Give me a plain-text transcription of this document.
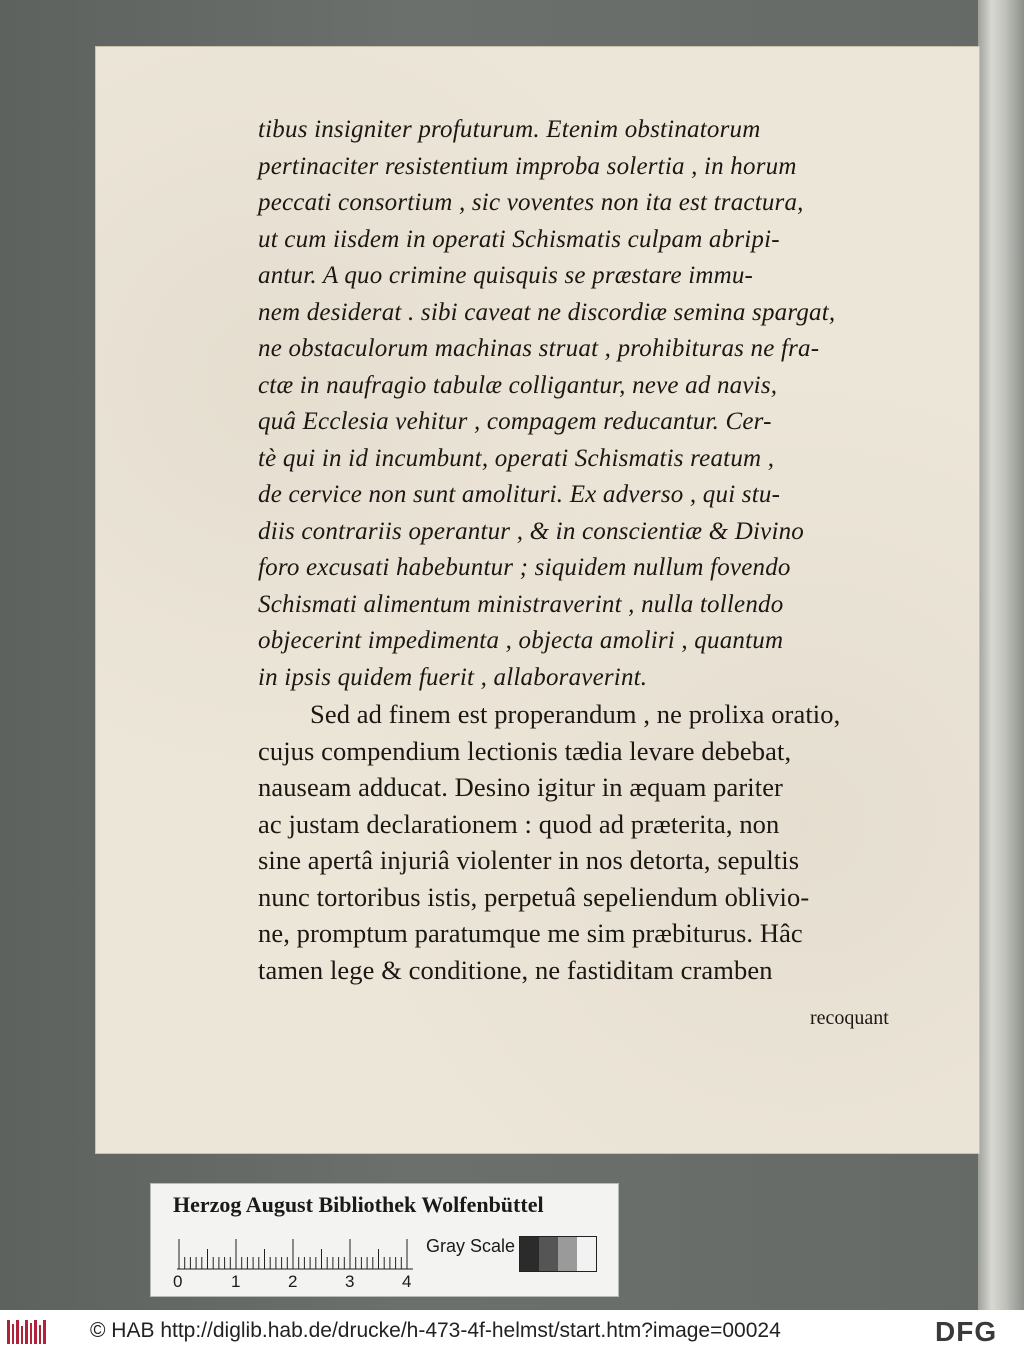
tibus insigniter profuturum. Etenim obstinatorum
pertinaciter resistentium improba solertia , in horum
peccati consortium , sic voventes non ita est tractura,
ut cum iisdem in operati Schismatis culpam abripi-
antur. A quo crimine quisquis se præstare immu-
nem desiderat . sibi caveat ne discordiæ semina spargat,
ne obstaculorum machinas struat , prohibituras ne fra-
ctæ in naufragio tabulæ colligantur, neve ad navis,
quâ Ecclesia vehitur , compagem reducantur. Cer-
tè qui in id incumbunt, operati Schismatis reatum ,
de cervice non sunt amolituri. Ex adverso , qui stu-
diis contrariis operantur , & in conscientiæ & Divino
foro excusati habebuntur ; siquidem nullum fovendo
Schismati alimentum ministraverint , nulla tollendo
objecerint impedimenta , objecta amoliri , quantum
in ipsis quidem fuerit , allaboraverint.
Sed ad finem est properandum , ne prolixa oratio,
cujus compendium lectionis tædia levare debebat,
nauseam adducat. Desino igitur in æquam pariter
ac justam declarationem : quod ad præterita, non
sine apertâ injuriâ violenter in nos detorta, sepultis
nunc tortoribus istis, perpetuâ sepeliendum oblivio-
ne, promptum paratumque me sim præbiturus. Hâc
tamen lege & conditione, ne fastiditam cramben
recoquant
Herzog August Bibliothek Wolfenbüttel
0	1	2	3	4
Gray Scale
© HAB http://diglib.hab.de/drucke/h-473-4f-helmst/start.htm?image=00024	DFG
